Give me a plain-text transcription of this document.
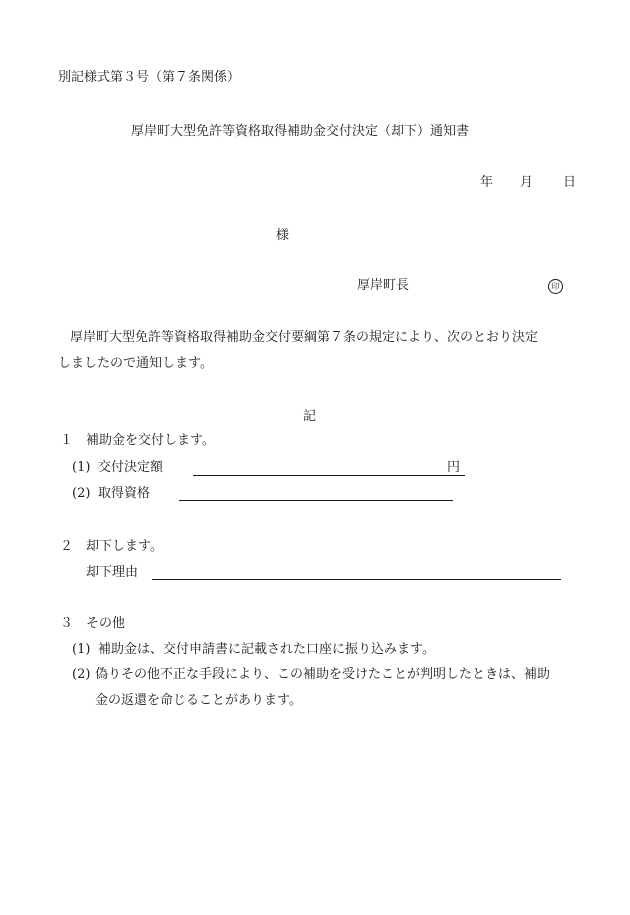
別記様式第３号（第７条関係）
厚岸町大型免許等資格取得補助金交付決定（却下）通知書
年 月 日
様
厚岸町長	印
厚岸町大型免許等資格取得補助金交付要綱第７条の規定により、次のとおり決定
しましたので通知します。
記
１ 補助金を交付します。
(1) 交付決定額	円
(2) 取得資格
２ 却下します。
却下理由
３ その他
(1) 補助金は、交付申請書に記載された口座に振り込みます。
(2) 偽りその他不正な手段により、この補助を受けたことが判明したときは、補助
金の返還を命じることがあります。
